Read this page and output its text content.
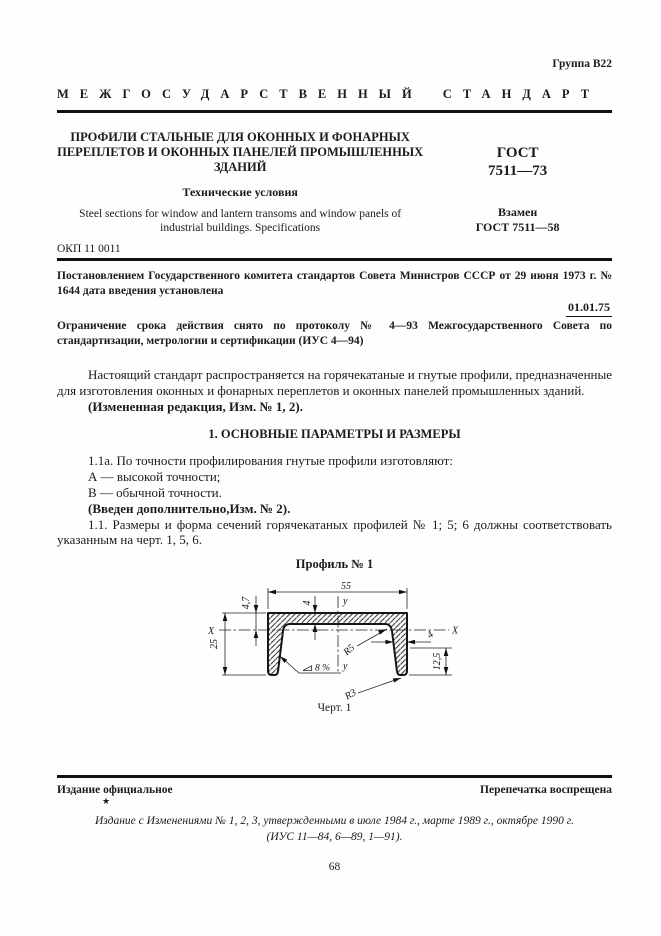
Группа В22
МЕЖГОСУДАРСТВЕННЫЙ СТАНДАРТ
ПРОФИЛИ СТАЛЬНЫЕ ДЛЯ ОКОННЫХ И ФОНАРНЫХ ПЕРЕПЛЕТОВ И ОКОННЫХ ПАНЕЛЕЙ ПРОМЫШЛЕННЫХ ЗДАНИЙ
Технические условия
Steel sections for window and lantern transoms and window panels of industrial buildings. Specifications
ГОСТ
7511—73
Взамен
ГОСТ 7511—58
ОКП 11 0011

Постановлением Государственного комитета стандартов Совета Министров СССР от 29 июня 1973 г. № 1644 дата введения установлена

01.01.75

Ограничение срока действия снято по протоколу № 4—93 Межгосударственного Совета по стандартизации, метрологии и сертификации (ИУС 4—94)

Настоящий стандарт распространяется на горячекатаные и гнутые профили, предназначенные для изготовления оконных и фонарных переплетов и оконных панелей промышленных зданий.

(Измененная редакция, Изм. № 1, 2).

1. ОСНОВНЫЕ ПАРАМЕТРЫ И РАЗМЕРЫ

1.1а. По точности профилирования гнутые профили изготовляют:

А — высокой точности;

В — обычной точности.

(Введен дополнительно,Изм. № 2).

1.1. Размеры и форма сечений горячекатаных профилей № 1; 5; 6 должны соответствовать указанным на черт. 1, 5, 6.

Профиль № 1
55
4,7
25
4
4
12,5
R5
R3
8 %
X	X
у
у
Черт. 1
Издание официальное	Перепечатка воспрещена
★
Издание с Изменениями № 1, 2, 3, утвержденными в июле 1984 г., марте 1989 г., октябре 1990 г.
(ИУС 11—84, 6—89, 1—91).
68
